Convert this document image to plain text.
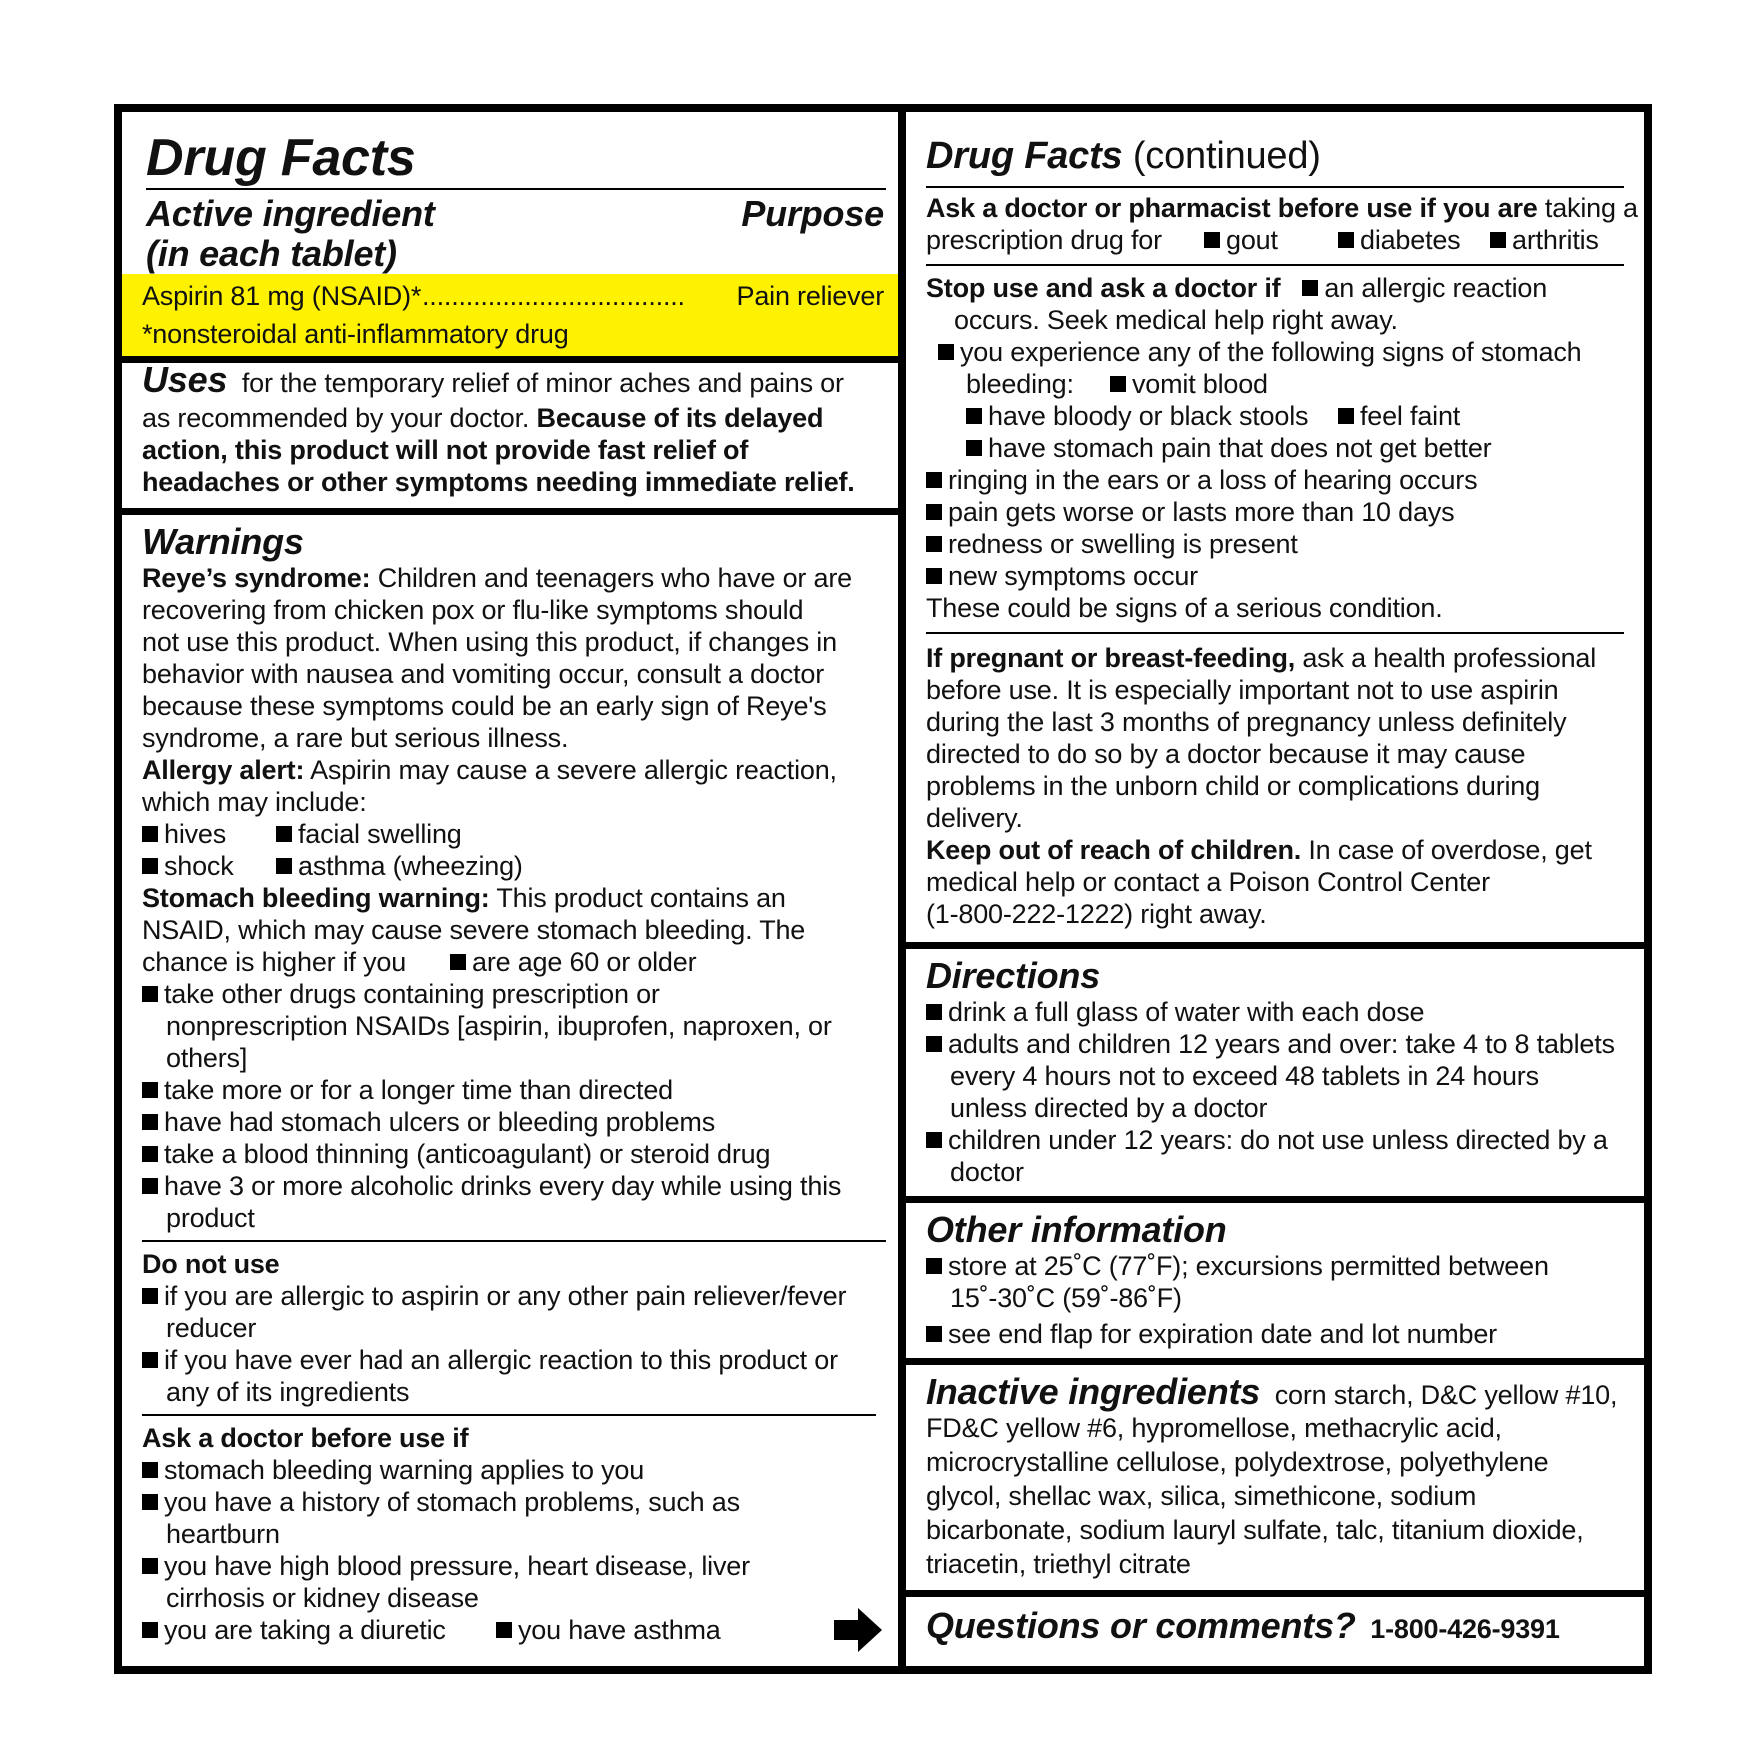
Drug Facts
Active ingredient
(in each tablet)
Purpose
Aspirin 81 mg (NSAID)* .................................... Pain reliever
*nonsteroidal anti-inflammatory drug
Uses for the temporary relief of minor aches and pains or
as recommended by your doctor. Because of its delayed
action, this product will not provide fast relief of
headaches or other symptoms needing immediate relief.
Warnings
Reye’s syndrome: Children and teenagers who have or are
recovering from chicken pox or flu-like symptoms should
not use this product. When using this product, if changes in
behavior with nausea and vomiting occur, consult a doctor
because these symptoms could be an early sign of Reye's
syndrome, a rare but serious illness.
Allergy alert: Aspirin may cause a severe allergic reaction,
which may include:
hives	facial swelling
shock	asthma (wheezing)
Stomach bleeding warning: This product contains an
NSAID, which may cause severe stomach bleeding. The
chance is higher if you	are age 60 or older
take other drugs containing prescription or
nonprescription NSAIDs [aspirin, ibuprofen, naproxen, or
others]
take more or for a longer time than directed
have had stomach ulcers or bleeding problems
take a blood thinning (anticoagulant) or steroid drug
have 3 or more alcoholic drinks every day while using this
product
Do not use
if you are allergic to aspirin or any other pain reliever/fever
reducer
if you have ever had an allergic reaction to this product or
any of its ingredients
Ask a doctor before use if
stomach bleeding warning applies to you
you have a history of stomach problems, such as
heartburn
you have high blood pressure, heart disease, liver
cirrhosis or kidney disease
you are taking a diuretic	you have asthma
Drug Facts (continued)
Ask a doctor or pharmacist before use if you are taking a
prescription drug for	gout	diabetes	arthritis
Stop use and ask a doctor if an allergic reaction
occurs. Seek medical help right away.
you experience any of the following signs of stomach
bleeding:	vomit blood
have bloody or black stools	feel faint
have stomach pain that does not get better
ringing in the ears or a loss of hearing occurs
pain gets worse or lasts more than 10 days
redness or swelling is present
new symptoms occur
These could be signs of a serious condition.
If pregnant or breast-feeding, ask a health professional
before use. It is especially important not to use aspirin
during the last 3 months of pregnancy unless definitely
directed to do so by a doctor because it may cause
problems in the unborn child or complications during
delivery.
Keep out of reach of children. In case of overdose, get
medical help or contact a Poison Control Center
(1-800-222-1222) right away.
Directions
drink a full glass of water with each dose
adults and children 12 years and over: take 4 to 8 tablets
every 4 hours not to exceed 48 tablets in 24 hours
unless directed by a doctor
children under 12 years: do not use unless directed by a
doctor
Other information
store at 25˚C (77˚F); excursions permitted between
15˚-30˚C (59˚-86˚F)
see end flap for expiration date and lot number
Inactive ingredients corn starch, D&C yellow #10,
FD&C yellow #6, hypromellose, methacrylic acid,
microcrystalline cellulose, polydextrose, polyethylene
glycol, shellac wax, silica, simethicone, sodium
bicarbonate, sodium lauryl sulfate, talc, titanium dioxide,
triacetin, triethyl citrate
Questions or comments? 1-800-426-9391
